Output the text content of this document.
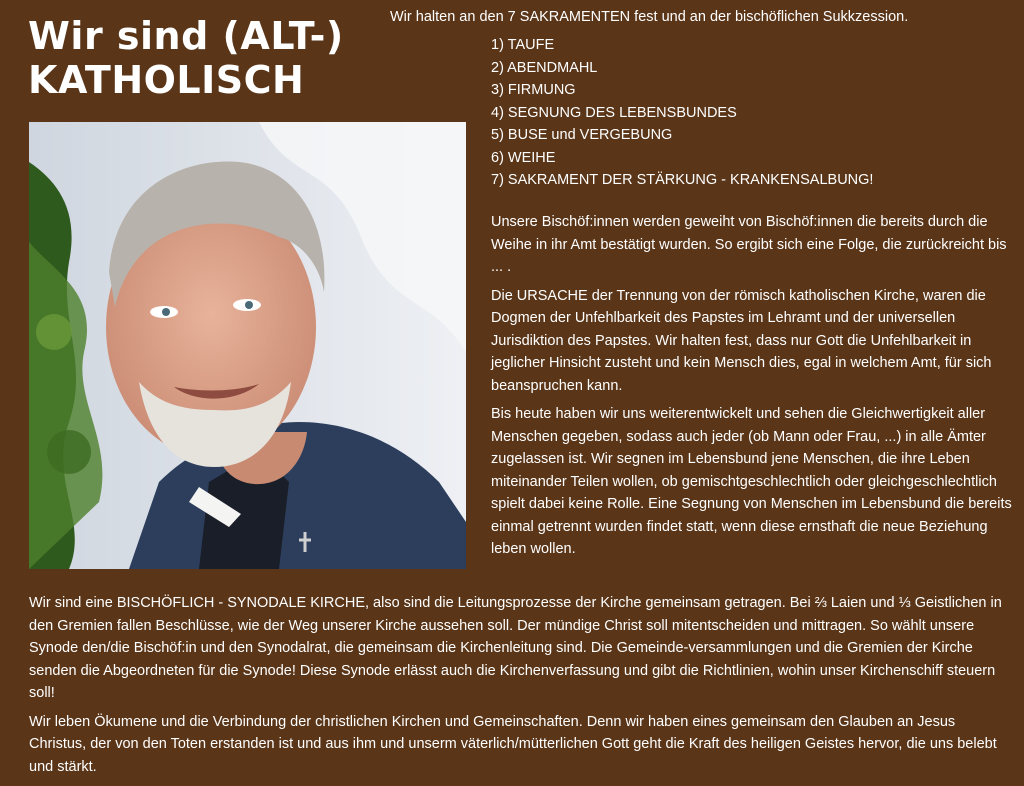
Wir sind (ALT-)
KATHOLISCH
Wir halten an den 7 SAKRAMENTEN fest und an der bischöflichen Sukkzession.
1) TAUFE
2) ABENDMAHL
3) FIRMUNG
4) SEGNUNG DES LEBENSBUNDES
5) BUSE und VERGEBUNG
6) WEIHE
7) SAKRAMENT DER STÄRKUNG - KRANKENSALBUNG!

Unsere Bischöf:innen werden geweiht von Bischöf:innen die bereits durch die Weihe in ihr Amt bestätigt wurden. So ergibt sich eine Folge, die zurückreicht bis ... .

Die URSACHE der Trennung von der römisch katholischen Kirche, waren die Dogmen der Unfehlbarkeit des Papstes im Lehramt und der universellen Jurisdiktion des Papstes. Wir halten fest, dass nur Gott die Unfehlbarkeit in jeglicher Hinsicht zusteht und kein Mensch dies, egal in welchem Amt, für sich beanspruchen kann.

Bis heute haben wir uns weiterentwickelt und sehen die Gleichwertigkeit aller Menschen gegeben, sodass auch jeder (ob Mann oder Frau, ...) in alle Ämter zugelassen ist. Wir segnen im Lebensbund jene Menschen, die ihre Leben miteinander Teilen wollen, ob gemischtgeschlechtlich oder gleichgeschlechtlich spielt dabei keine Rolle. Eine Segnung von Menschen im Lebensbund die bereits einmal getrennt wurden findet statt, wenn diese ernsthaft die neue Beziehung leben wollen.

Wir sind eine BISCHÖFLICH - SYNODALE KIRCHE, also sind die Leitungsprozesse der Kirche gemeinsam getragen. Bei ⅔ Laien und ⅓ Geistlichen in den Gremien fallen Beschlüsse, wie der Weg unserer Kirche aussehen soll. Der mündige Christ soll mitentscheiden und mittragen. So wählt unsere Synode den/die Bischöf:in und den Synodalrat, die gemeinsam die Kirchenleitung sind. Die Gemeinde-versammlungen und die Gremien der Kirche senden die Abgeordneten für die Synode! Diese Synode erlässt auch die Kirchenverfassung und gibt die Richtlinien, wohin unser Kirchenschiff steuern soll!

Wir leben Ökumene und die Verbindung der christlichen Kirchen und Gemeinschaften. Denn wir haben eines gemeinsam den Glauben an Jesus Christus, der von den Toten erstanden ist und aus ihm und unserm väterlich/mütterlichen Gott geht die Kraft des heiligen Geistes hervor, die uns belebt und stärkt.
